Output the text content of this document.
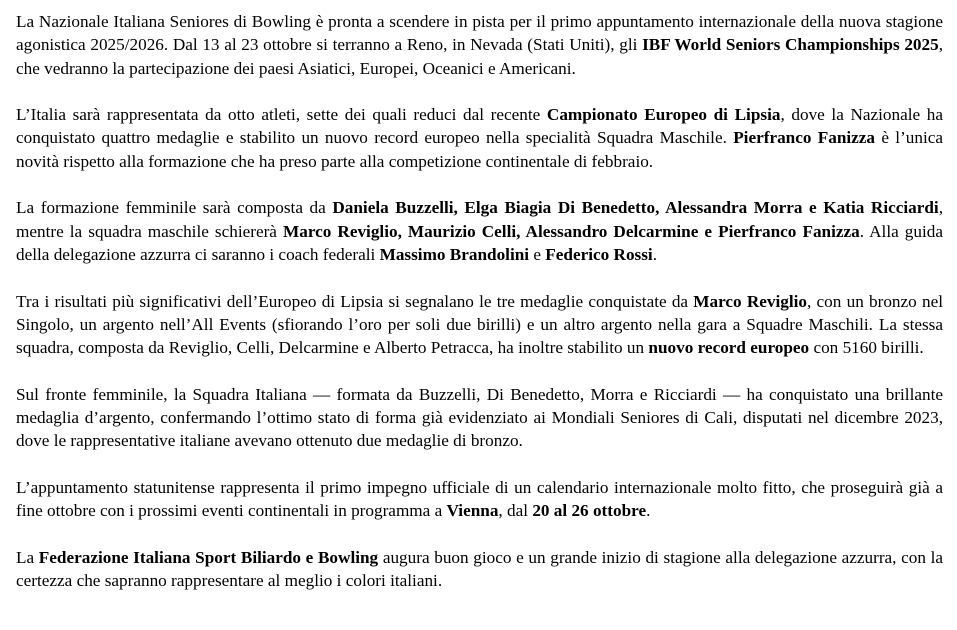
La Nazionale Italiana Seniores di Bowling è pronta a scendere in pista per il primo appuntamento internazionale della nuova stagione agonistica 2025/2026. Dal 13 al 23 ottobre si terranno a Reno, in Nevada (Stati Uniti), gli IBF World Seniors Championships 2025, che vedranno la partecipazione dei paesi Asiatici, Europei, Oceanici e Americani.

L’Italia sarà rappresentata da otto atleti, sette dei quali reduci dal recente Campionato Europeo di Lipsia, dove la Nazionale ha conquistato quattro medaglie e stabilito un nuovo record europeo nella specialità Squadra Maschile. Pierfranco Fanizza è l’unica novità rispetto alla formazione che ha preso parte alla competizione continentale di febbraio.

La formazione femminile sarà composta da Daniela Buzzelli, Elga Biagia Di Benedetto, Alessandra Morra e Katia Ricciardi, mentre la squadra maschile schiererà Marco Reviglio, Maurizio Celli, Alessandro Delcarmine e Pierfranco Fanizza. Alla guida della delegazione azzurra ci saranno i coach federali Massimo Brandolini e Federico Rossi.

Tra i risultati più significativi dell’Europeo di Lipsia si segnalano le tre medaglie conquistate da Marco Reviglio, con un bronzo nel Singolo, un argento nell’All Events (sfiorando l’oro per soli due birilli) e un altro argento nella gara a Squadre Maschili. La stessa squadra, composta da Reviglio, Celli, Delcarmine e Alberto Petracca, ha inoltre stabilito un nuovo record europeo con 5160 birilli.

Sul fronte femminile, la Squadra Italiana — formata da Buzzelli, Di Benedetto, Morra e Ricciardi — ha conquistato una brillante medaglia d’argento, confermando l’ottimo stato di forma già evidenziato ai Mondiali Seniores di Cali, disputati nel dicembre 2023, dove le rappresentative italiane avevano ottenuto due medaglie di bronzo.

L’appuntamento statunitense rappresenta il primo impegno ufficiale di un calendario internazionale molto fitto, che proseguirà già a fine ottobre con i prossimi eventi continentali in programma a Vienna, dal 20 al 26 ottobre.

La Federazione Italiana Sport Biliardo e Bowling augura buon gioco e un grande inizio di stagione alla delegazione azzurra, con la certezza che sapranno rappresentare al meglio i colori italiani.
